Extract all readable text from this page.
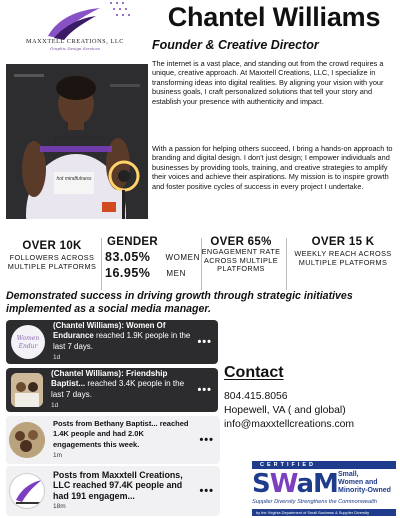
MAXXTELL CREATIONS, LLC
Graphic Design Services
Chantel Williams
Founder & Creative Director
$CEO,000,000
hot mindfulness
The internet is a vast place, and standing out from the crowd requires a unique, creative approach. At Maxxtell Creations, LLC, I specialize in transforming ideas into digital realities. By aligning your vision with your business goals, I craft personalized solutions that tell your story and establish your presence with authenticity and impact.
With a passion for helping others succeed, I bring a hands-on approach to branding and digital design. I don't just design; I empower individuals and businesses by providing tools, training, and creative strategies to amplify their voices and achieve their aspirations. My mission is to inspire growth and foster positive cycles of success in every project I undertake.
OVER 10K
FOLLOWERS ACROSS MULTIPLE PLATFORMS
GENDER
83.05% WOMEN
16.95% MEN
OVER 65%
ENGAGEMENT RATE ACROSS MULTIPLE PLATFORMS
OVER 15 K
WEEKLY REACH ACROSS MULTIPLE PLATFORMS
Demonstrated success in driving growth through strategic initiatives implemented as a social media manager.
Women
Endur
(Chantel Williams): Women Of Endurance reached 1.9K people in the last 7 days.
1d
•••
(Chantel Williams): Friendship Baptist... reached 3.4K people in the last 7 days.
1d
•••
Posts from Bethany Baptist... reached 1.4K people and had 2.0K engagements this week.
1m
•••
Posts from Maxxtell Creations, LLC reached 97.4K people and had 191 engagem...
18m
•••
Contact
804.415.8056
Hopewell, VA ( and global)
info@maxxtellcreations.com
CERTIFIED
SWaM Small,
Women and
Minority-Owned
Supplier Diversity Strengthens the Commonwealth
by the Virginia Department of Small Business & Supplier Diversity
